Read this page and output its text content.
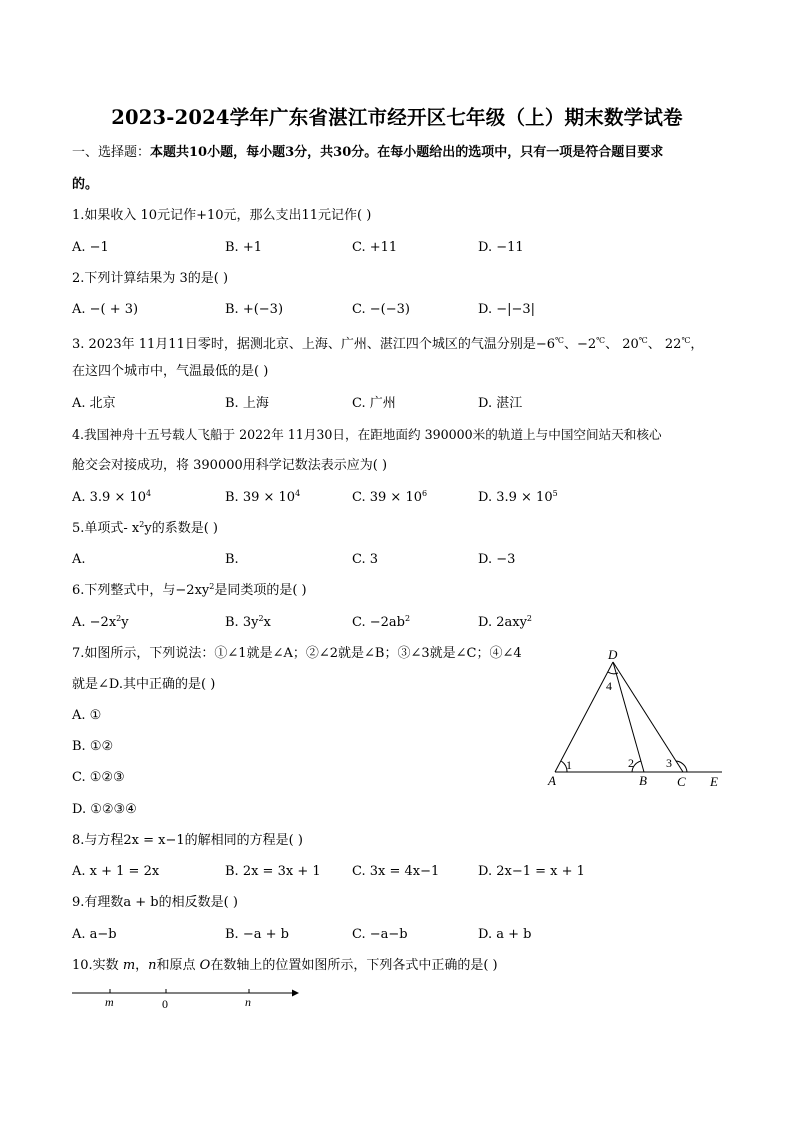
2023-2024学年广东省湛江市经开区七年级（上）期末数学试卷
一、选择题：本题共10小题，每小题3分，共30分。在每小题给出的选项中，只有一项是符合题目要求
的。
1.如果收入 10元记作+10元，那么支出11元记作( )
A. −1	B. +1	C. +11	D. −11
2.下列计算结果为 3的是( )
A. −( + 3)	B. +(−3)	C. −(−3)	D. −|−3|
3. 2023年 11月11日零时，据测北京、上海、广州、湛江四个城区的气温分别是−6℃、−2℃、 20℃、 22℃，
在这四个城市中，气温最低的是( )
A. 北京	B. 上海	C. 广州	D. 湛江
4.我国神舟十五号载人飞船于 2022年 11月30日，在距地面约 390000米的轨道上与中国空间站天和核心
舱交会对接成功，将 390000用科学记数法表示应为( )
A. $3.9 \times 10^4$	B. $39 \times 10^4$	C. $39 \times 10^6$	D. $3.9 \times 10^5$
5.单项式- $x^2y$的系数是( )
A.	B.	C. 3	D. −3
6.下列整式中，与$-2xy^2$是同类项的是( )
A. $-2x^2y$	B. $3y^2x$	C. $-2ab^2$	D. 2axy$^2$
7.如图所示，下列说法：①∠1就是∠A；②∠2就是∠B；③∠3就是∠C；④∠4
就是∠D.其中正确的是( )
A. ①
B. ①②
C. ①②③
D. ①②③④
D
A	B C E
1	2	3
4
8.与方程2x = x−1的解相同的方程是( )
A. x + 1 = 2x	B. 2x = 3x + 1 C. 3x = 4x−1	D. 2x−1 = x + 1
9.有理数a + b的相反数是( )
A. a−b	B. −a + b	C. −a−b	D. a + b
10.实数 m，n和原点 O在数轴上的位置如图所示，下列各式中正确的是( )
m	0	n
